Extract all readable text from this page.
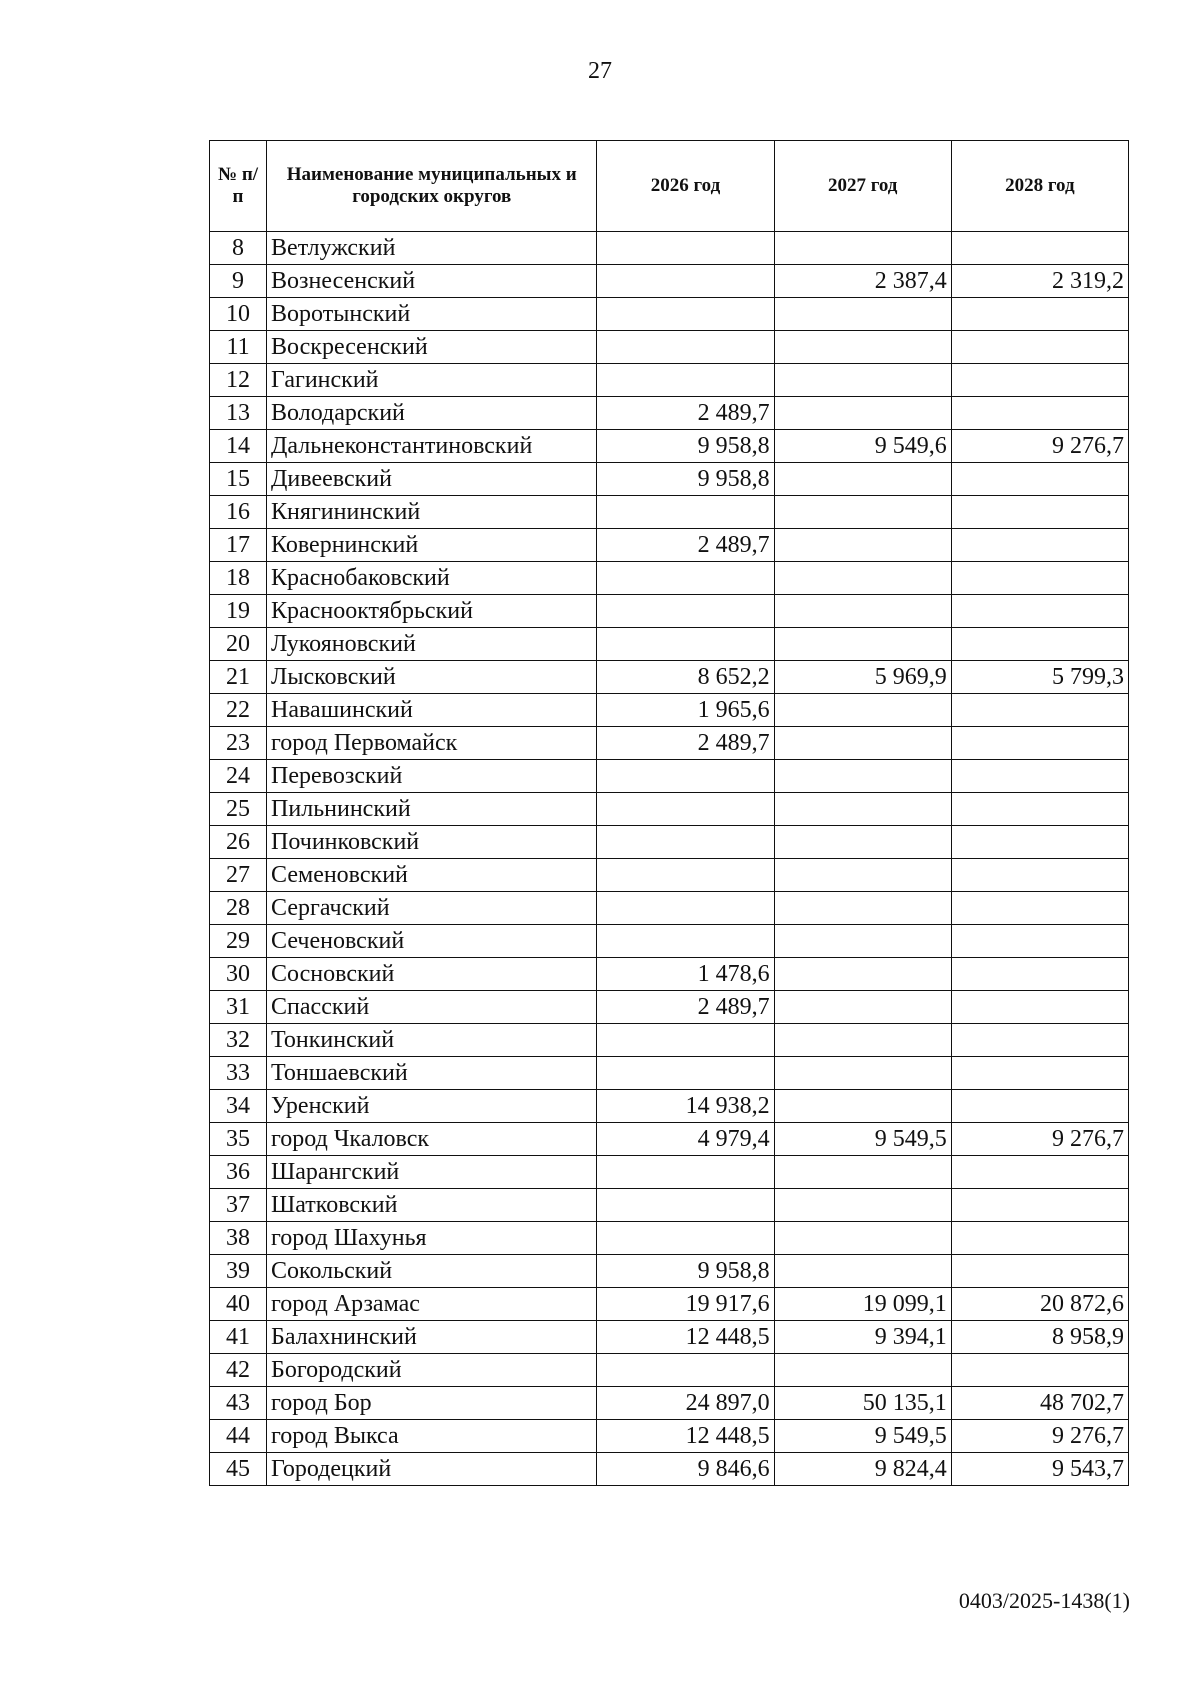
27
№ п/п	Наименование муниципальных и городских округов	2026 год	2027 год	2028 год
8	Ветлужский			
9	Вознесенский		2 387,4	2 319,2
10	Воротынский			
11	Воскресенский			
12	Гагинский			
13	Володарский	2 489,7		
14	Дальнеконстантиновский	9 958,8	9 549,6	9 276,7
15	Дивеевский	9 958,8		
16	Княгининский			
17	Ковернинский	2 489,7		
18	Краснобаковский			
19	Краснооктябрьский			
20	Лукояновский			
21	Лысковский	8 652,2	5 969,9	5 799,3
22	Навашинский	1 965,6		
23	город Первомайск	2 489,7		
24	Перевозский			
25	Пильнинский			
26	Починковский			
27	Семеновский			
28	Сергачский			
29	Сеченовский			
30	Сосновский	1 478,6		
31	Спасский	2 489,7		
32	Тонкинский			
33	Тоншаевский			
34	Уренский	14 938,2		
35	город Чкаловск	4 979,4	9 549,5	9 276,7
36	Шарангский			
37	Шатковский			
38	город Шахунья			
39	Сокольский	9 958,8		
40	город Арзамас	19 917,6	19 099,1	20 872,6
41	Балахнинский	12 448,5	9 394,1	8 958,9
42	Богородский			
43	город Бор	24 897,0	50 135,1	48 702,7
44	город Выкса	12 448,5	9 549,5	9 276,7
45	Городецкий	9 846,6	9 824,4	9 543,7
0403/2025-1438(1)
